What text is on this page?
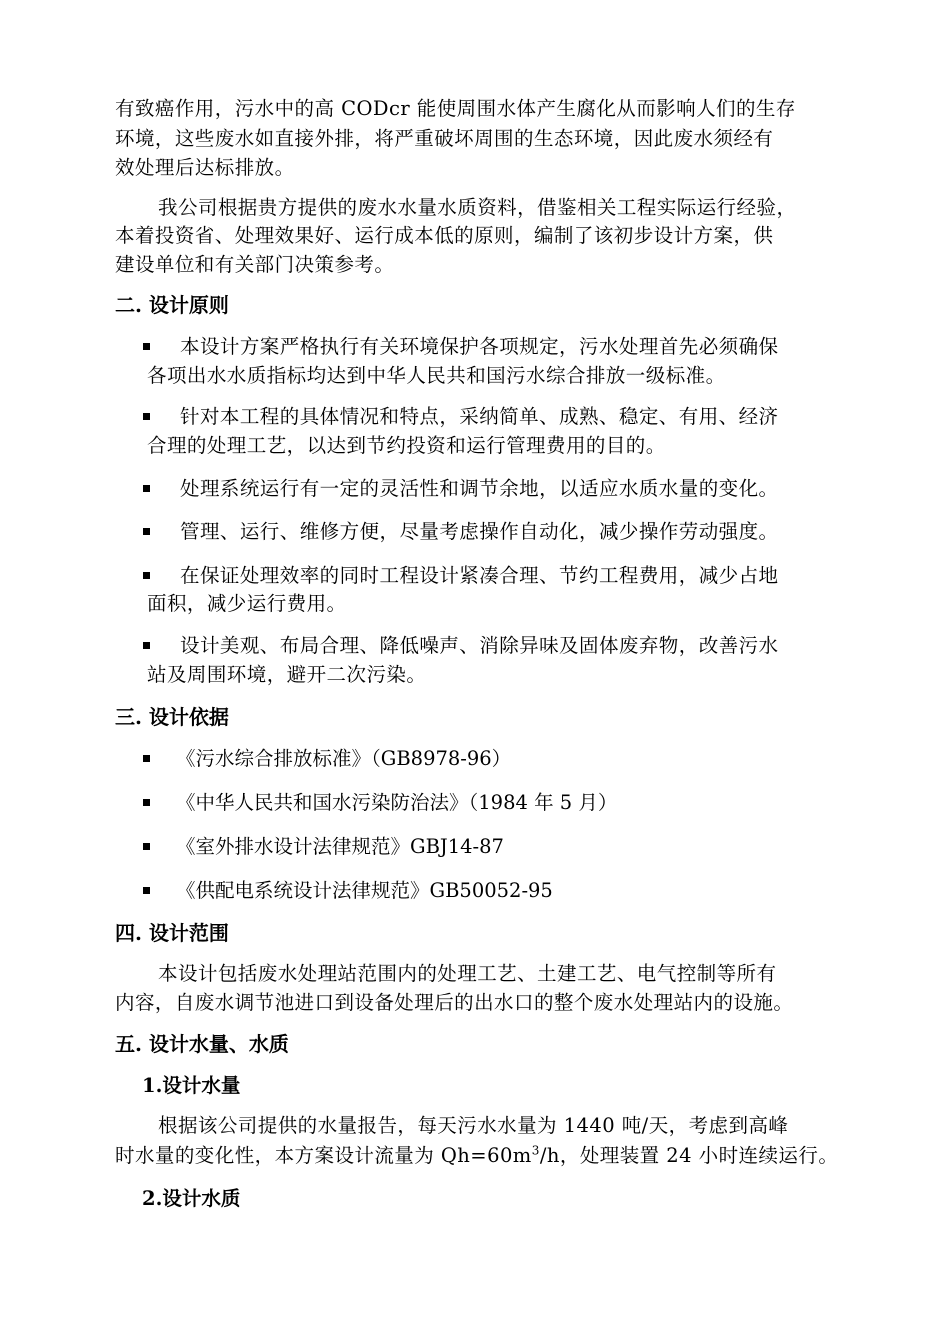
有致癌作用，污水中的高 CODcr 能使周围水体产生腐化从而影响人们的生存
环境，这些废水如直接外排，将严重破坏周围的生态环境，因此废水须经有
效处理后达标排放。
我公司根据贵方提供的废水水量水质资料，借鉴相关工程实际运行经验，
本着投资省、处理效果好、运行成本低的原则，编制了该初步设计方案，供
建设单位和有关部门决策参考。
二. 设计原则
本设计方案严格执行有关环境保护各项规定，污水处理首先必须确保
各项出水水质指标均达到中华人民共和国污水综合排放一级标准。
针对本工程的具体情况和特点，采纳简单、成熟、稳定、有用、经济
合理的处理工艺，以达到节约投资和运行管理费用的目的。
处理系统运行有一定的灵活性和调节余地，以适应水质水量的变化。
管理、运行、维修方便，尽量考虑操作自动化，减少操作劳动强度。
在保证处理效率的同时工程设计紧凑合理、节约工程费用，减少占地
面积，减少运行费用。
设计美观、布局合理、降低噪声、消除异味及固体废弃物，改善污水
站及周围环境，避开二次污染。
三. 设计依据
《污水综合排放标准》（GB8978-96）
《中华人民共和国水污染防治法》（1984 年 5 月）
《室外排水设计法律规范》GBJ14-87
《供配电系统设计法律规范》GB50052-95
四. 设计范围
本设计包括废水处理站范围内的处理工艺、土建工艺、电气控制等所有
内容，自废水调节池进口到设备处理后的出水口的整个废水处理站内的设施。
五. 设计水量、水质
1.设计水量
根据该公司提供的水量报告，每天污水水量为 1440 吨/天，考虑到高峰
时水量的变化性，本方案设计流量为 $Qh=60m^3/h$，处理装置 24 小时连续运行。
2.设计水质
